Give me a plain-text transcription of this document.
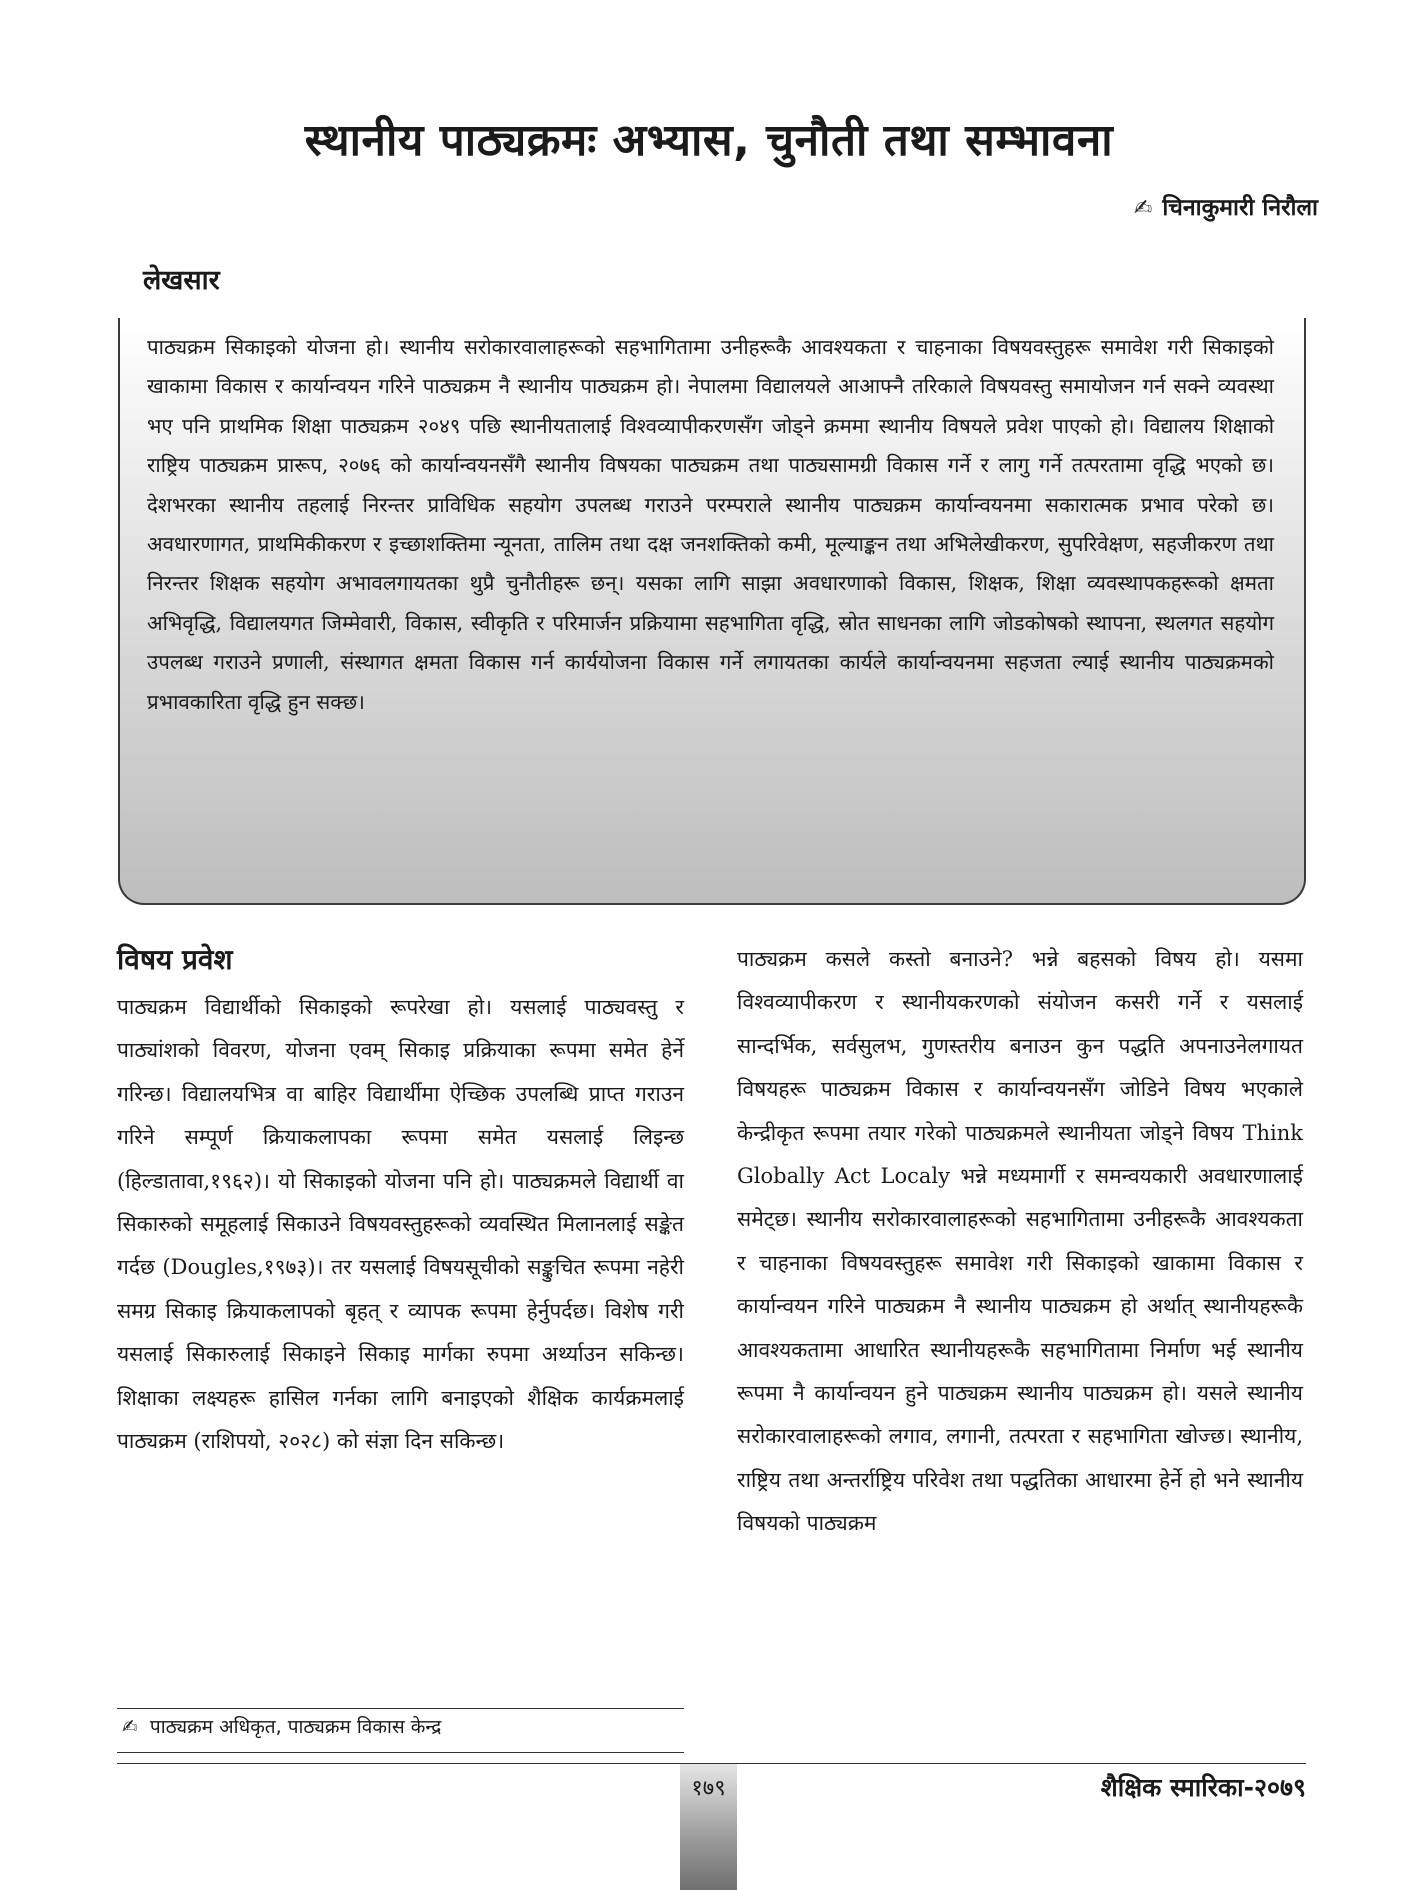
स्थानीय पाठ्यक्रमः अभ्यास, चुनौती तथा सम्भावना
✍ चिनाकुमारी निरौला
लेखसार

पाठ्यक्रम सिकाइको योजना हो। स्थानीय सरोकारवालाहरूको सहभागितामा उनीहरूकै आवश्यकता र चाहनाका विषयवस्तुहरू समावेश गरी सिकाइको खाकामा विकास र कार्यान्वयन गरिने पाठ्यक्रम नै स्थानीय पाठ्यक्रम हो। नेपालमा विद्यालयले आआफ्नै तरिकाले विषयवस्तु समायोजन गर्न सक्ने व्यवस्था भए पनि प्राथमिक शिक्षा पाठ्यक्रम २०४९ पछि स्थानीयतालाई विश्वव्यापीकरणसँग जोड्ने क्रममा स्थानीय विषयले प्रवेश पाएको हो। विद्यालय शिक्षाको राष्ट्रिय पाठ्यक्रम प्रारूप, २०७६ को कार्यान्वयनसँगै स्थानीय विषयका पाठ्यक्रम तथा पाठ्यसामग्री विकास गर्ने र लागु गर्ने तत्परतामा वृद्धि भएको छ। देशभरका स्थानीय तहलाई निरन्तर प्राविधिक सहयोग उपलब्ध गराउने परम्पराले स्थानीय पाठ्यक्रम कार्यान्वयनमा सकारात्मक प्रभाव परेको छ। अवधारणागत, प्राथमिकीकरण र इच्छाशक्तिमा न्यूनता, तालिम तथा दक्ष जनशक्तिको कमी, मूल्याङ्कन तथा अभिलेखीकरण, सुपरिवेक्षण, सहजीकरण तथा निरन्तर शिक्षक सहयोग अभावलगायतका थुप्रै चुनौतीहरू छन्। यसका लागि साझा अवधारणाको विकास, शिक्षक, शिक्षा व्यवस्थापकहरूको क्षमता अभिवृद्धि, विद्यालयगत जिम्मेवारी, विकास, स्वीकृति र परिमार्जन प्रक्रियामा सहभागिता वृद्धि, स्रोत साधनका लागि जोडकोषको स्थापना, स्थलगत सहयोग उपलब्ध गराउने प्रणाली, संस्थागत क्षमता विकास गर्न कार्ययोजना विकास गर्ने लगायतका कार्यले कार्यान्वयनमा सहजता ल्याई स्थानीय पाठ्यक्रमको प्रभावकारिता वृद्धि हुन सक्छ।

विषय प्रवेश

पाठ्यक्रम विद्यार्थीको सिकाइको रूपरेखा हो। यसलाई पाठ्यवस्तु र पाठ्यांशको विवरण, योजना एवम् सिकाइ प्रक्रियाका रूपमा समेत हेर्ने गरिन्छ। विद्यालयभित्र वा बाहिर विद्यार्थीमा ऐच्छिक उपलब्धि प्राप्त गराउन गरिने सम्पूर्ण क्रियाकलापका रूपमा समेत यसलाई लिइन्छ (हिल्डातावा,१९६२)। यो सिकाइको योजना पनि हो। पाठ्यक्रमले विद्यार्थी वा सिकारुको समूहलाई सिकाउने विषयवस्तुहरूको व्यवस्थित मिलानलाई सङ्केत गर्दछ (Dougles,१९७३)। तर यसलाई विषयसूचीको सङ्कुचित रूपमा नहेरी समग्र सिकाइ क्रियाकलापको बृहत् र व्यापक रूपमा हेर्नुपर्दछ। विशेष गरी यसलाई सिकारुलाई सिकाइने सिकाइ मार्गका रुपमा अर्थ्याउन सकिन्छ। शिक्षाका लक्ष्यहरू हासिल गर्नका लागि बनाइएको शैक्षिक कार्यक्रमलाई पाठ्यक्रम (राशिपयो, २०२८) को संज्ञा दिन सकिन्छ।

पाठ्यक्रम कसले कस्तो बनाउने? भन्ने बहसको विषय हो। यसमा विश्वव्यापीकरण र स्थानीयकरणको संयोजन कसरी गर्ने र यसलाई सान्दर्भिक, सर्वसुलभ, गुणस्तरीय बनाउन कुन पद्धति अपनाउनेलगायत विषयहरू पाठ्यक्रम विकास र कार्यान्वयनसँग जोडिने विषय भएकाले केन्द्रीकृत रूपमा तयार गरेको पाठ्यक्रमले स्थानीयता जोड्ने विषय Think Globally Act Localy भन्ने मध्यमार्गी र समन्वयकारी अवधारणालाई समेट्छ। स्थानीय सरोकारवालाहरूको सहभागितामा उनीहरूकै आवश्यकता र चाहनाका विषयवस्तुहरू समावेश गरी सिकाइको खाकामा विकास र कार्यान्वयन गरिने पाठ्यक्रम नै स्थानीय पाठ्यक्रम हो अर्थात् स्थानीयहरूकै आवश्यकतामा आधारित स्थानीयहरूकै सहभागितामा निर्माण भई स्थानीय रूपमा नै कार्यान्वयन हुने पाठ्यक्रम स्थानीय पाठ्यक्रम हो। यसले स्थानीय सरोकारवालाहरूको लगाव, लगानी, तत्परता र सहभागिता खोज्छ। स्थानीय, राष्ट्रिय तथा अन्तर्राष्ट्रिय परिवेश तथा पद्धतिका आधारमा हेर्ने हो भने स्थानीय विषयको पाठ्यक्रम

✍ पाठ्यक्रम अधिकृत, पाठ्यक्रम विकास केन्द्र
१७९	शैक्षिक स्मारिका-२०७९
